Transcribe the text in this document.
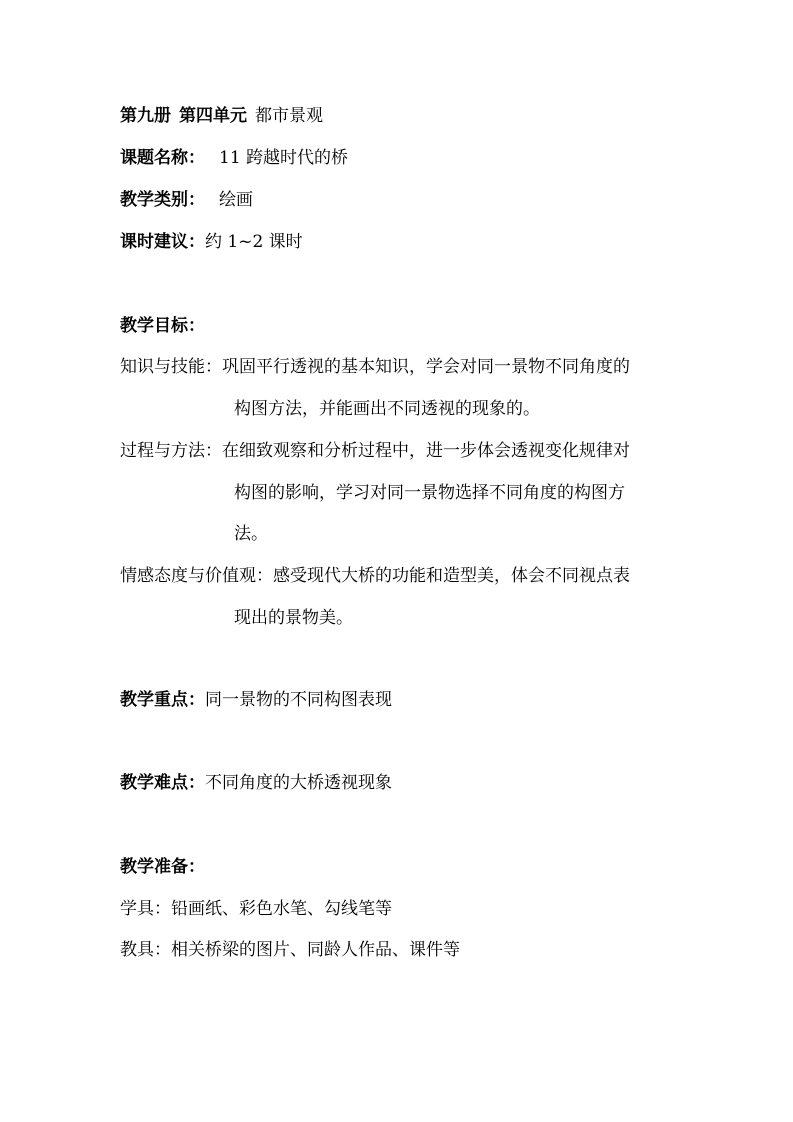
第九册 第四单元 都市景观
课题名称： 11 跨越时代的桥
教学类别： 绘画
课时建议：约 1~2 课时
教学目标：
知识与技能：巩固平行透视的基本知识，学会对同一景物不同角度的
构图方法，并能画出不同透视的现象的。
过程与方法：在细致观察和分析过程中，进一步体会透视变化规律对
构图的影响，学习对同一景物选择不同角度的构图方
法。
情感态度与价值观：感受现代大桥的功能和造型美，体会不同视点表
现出的景物美。
教学重点：同一景物的不同构图表现
教学难点：不同角度的大桥透视现象
教学准备：
学具：铅画纸、彩色水笔、勾线笔等
教具：相关桥梁的图片、同龄人作品、课件等
